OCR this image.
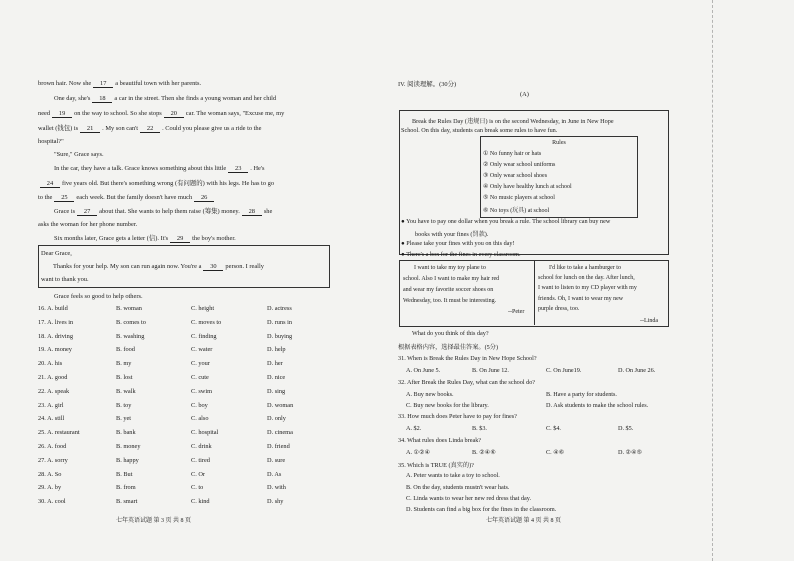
brown hair. Now she 17 a beautiful town with her parents.
One day, she's 18 a car in the street. Then she finds a young woman and her child
need 19 on the way to school. So she stops 20 car. The woman says, "Excuse me, my
wallet (钱包) is 21 . My son can't 22 . Could you please give us a ride to the
hospital?"
"Sure," Grace says.
In the car, they have a talk. Grace knows something about this little 23 . He's
24 five years old. But there's something wrong (有问题的) with his legs. He has to go
to the 25 each week. But the family doesn't have much 26
Grace is 27 about that. She wants to help them raise (筹集) money. 28 she
asks the woman for her phone number.
Six months later, Grace gets a letter (信). It's 29 the boy's mother.
Dear Grace,
Thanks for your help. My son can run again now. You're a 30 person. I really
want to thank you.
Grace feels so good to help others.
16. A. build	B. woman	C. height	D. actress
17. A. lives in	B. comes to	C. moves to	D. runs in
18. A. driving	B. washing	C. finding	D. buying
19. A. money	B. food	C. water	D. help
20. A. his	B. my	C. your	D. her
21. A. good	B. lost	C. cute	D. nice
22. A. speak	B. walk	C. swim	D. sing
23. A. girl	B. toy	C. boy	D. woman
24. A. still	B. yet	C. also	D. only
25. A. restaurant	B. bank	C. hospital	D. cinema
26. A. food	B. money	C. drink	D. friend
27. A. sorry	B. happy	C. tired	D. sure
28. A. So	B. But	C. Or	D. As
29. A. by	B. from	C. to	D. with
30. A. cool	B. smart	C. kind	D. shy
七年英语试题 第 3 页 共 8 页
IV. 阅读理解。(30分)
(A)
Break the Rules Day (违规日) is on the second Wednesday, in June in New Hope
School. On this day, students can break some rules to have fun.
Rules
① No funny hair or hats
② Only wear school uniforms
③ Only wear school shoes
④ Only have healthy lunch at school
⑤ No music players at school
⑥ No toys (玩具) at school
● You have to pay one dollar when you break a rule. The school library can buy new
books with your fines (罚款).
● Please take your fines with you on this day!
● There's a box for the fines in every classroom.
I want to take my toy plane to
school. Also I want to make my hair red
and wear my favorite soccer shoes on
Wednesday, too. It must be interesting.
--Peter
I'd like to take a hamburger to
school for lunch on the day. After lunch,
I want to listen to my CD player with my
friends. Oh, I want to wear my new
purple dress, too.
--Linda
What do you think of this day?
根据表格内容，选择最佳答案。(5分)
31. When is Break the Rules Day in New Hope School?
A. On June 5.	B. On June 12.	C. On June19.	D. On June 26.
32. After Break the Rules Day, what can the school do?
A. Buy new books.	B. Have a party for students.
C. Buy new books for the library.	D. Ask students to make the school rules.
33. How much does Peter have to pay for fines?
A. $2.	B. $3.	C. $4.	D. $5.
34. What rules does Linda break?
A. ①②④	B. ②④⑥	C. ④⑥	D. ②④⑤
35. Which is TRUE (真实的)?
A. Peter wants to take a toy to school.
B. On the day, students mustn't wear hats.
C. Linda wants to wear her new red dress that day.
D. Students can find a big box for the fines in the classroom.
七年英语试题 第 4 页 共 8 页
